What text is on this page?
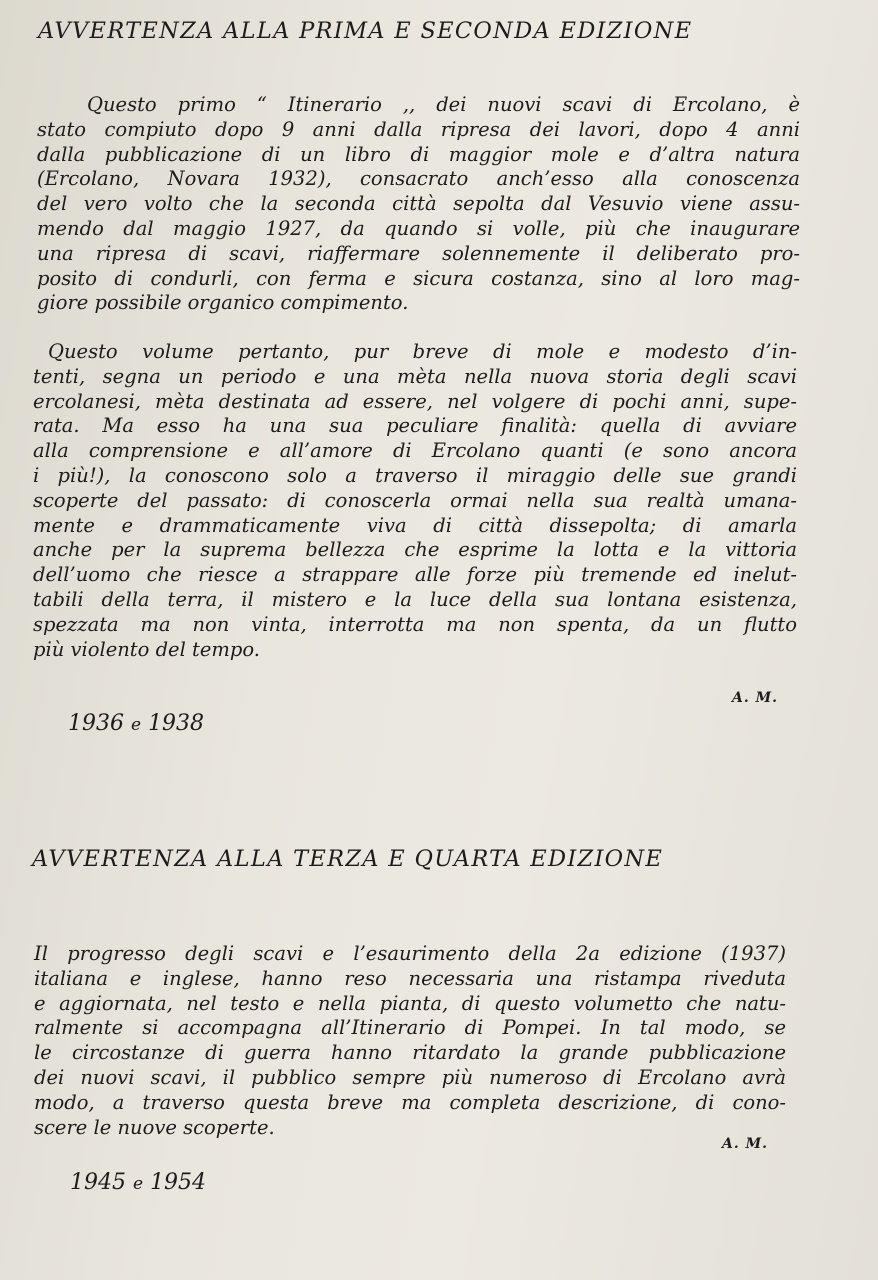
AVVERTENZA ALLA PRIMA E SECONDA EDIZIONE
Questo primo “ Itinerario ,, dei nuovi scavi di Ercolano, è
stato compiuto dopo 9 anni dalla ripresa dei lavori, dopo 4 anni
dalla pubblicazione di un libro di maggior mole e d’altra natura
(Ercolano, Novara 1932), consacrato anch’esso alla conoscenza
del vero volto che la seconda città sepolta dal Vesuvio viene assu-
mendo dal maggio 1927, da quando si volle, più che inaugurare
una ripresa di scavi, riaffermare solennemente il deliberato pro-
posito di condurli, con ferma e sicura costanza, sino al loro mag-
giore possibile organico compimento.
Questo volume pertanto, pur breve di mole e modesto d’in-
tenti, segna un periodo e una mèta nella nuova storia degli scavi
ercolanesi, mèta destinata ad essere, nel volgere di pochi anni, supe-
rata. Ma esso ha una sua peculiare finalità: quella di avviare
alla comprensione e all’amore di Ercolano quanti (e sono ancora
i più!), la conoscono solo a traverso il miraggio delle sue grandi
scoperte del passato: di conoscerla ormai nella sua realtà umana-
mente e drammaticamente viva di città dissepolta; di amarla
anche per la suprema bellezza che esprime la lotta e la vittoria
dell’uomo che riesce a strappare alle forze più tremende ed inelut-
tabili della terra, il mistero e la luce della sua lontana esistenza,
spezzata ma non vinta, interrotta ma non spenta, da un flutto
più violento del tempo.
A. M.
1936 e 1938
AVVERTENZA ALLA TERZA E QUARTA EDIZIONE
Il progresso degli scavi e l’esaurimento della 2a edizione (1937)
italiana e inglese, hanno reso necessaria una ristampa riveduta
e aggiornata, nel testo e nella pianta, di questo volumetto che natu-
ralmente si accompagna all’Itinerario di Pompei. In tal modo, se
le circostanze di guerra hanno ritardato la grande pubblicazione
dei nuovi scavi, il pubblico sempre più numeroso di Ercolano avrà
modo, a traverso questa breve ma completa descrizione, di cono-
scere le nuove scoperte.
A. M.
1945 e 1954
